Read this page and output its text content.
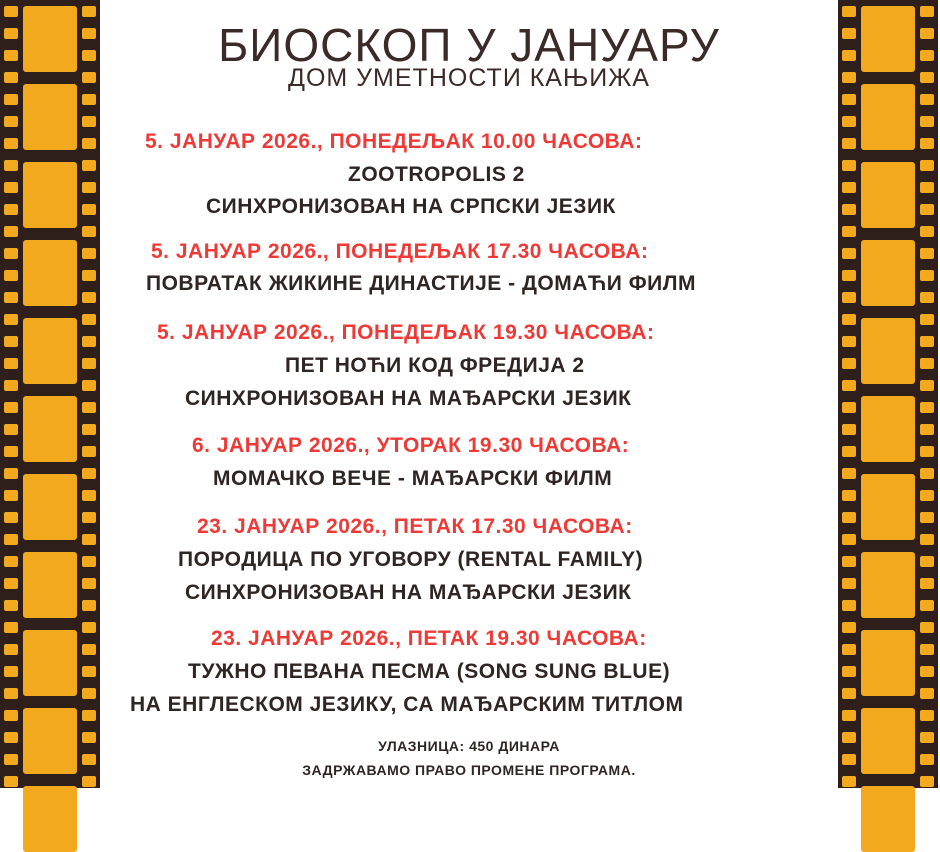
БИОСКОП У ЈАНУАРУ
ДОМ УМЕТНОСТИ КАЊИЖА
5. ЈАНУАР 2026., ПОНЕДЕЉАК 10.00 ЧАСОВА:
ZOOTROPOLIS 2
СИНХРОНИЗОВАН НА СРПСКИ ЈЕЗИК
5. ЈАНУАР 2026., ПОНЕДЕЉАК 17.30 ЧАСОВА:
ПОВРАТАК ЖИКИНЕ ДИНАСТИЈЕ - ДОМАЋИ ФИЛМ
5. ЈАНУАР 2026., ПОНЕДЕЉАК 19.30 ЧАСОВА:
ПЕТ НОЋИ КОД ФРЕДИЈА 2
СИНХРОНИЗОВАН НА МАЂАРСКИ ЈЕЗИК
6. ЈАНУАР 2026., УТОРАК 19.30 ЧАСОВА:
МОМАЧКО ВЕЧЕ - МАЂАРСКИ ФИЛМ
23. ЈАНУАР 2026., ПЕТАК 17.30 ЧАСОВА:
ПОРОДИЦА ПО УГОВОРУ (RENTAL FAMILY)
СИНХРОНИЗОВАН НА МАЂАРСКИ ЈЕЗИК
23. ЈАНУАР 2026., ПЕТАК 19.30 ЧАСОВА:
ТУЖНО ПЕВАНА ПЕСМА (SONG SUNG BLUE)
НА ЕНГЛЕСКОМ ЈЕЗИКУ, СА МАЂАРСКИМ ТИТЛОМ
УЛАЗНИЦА: 450 ДИНАРА
ЗАДРЖАВАМО ПРАВО ПРОМЕНЕ ПРОГРАМА.
